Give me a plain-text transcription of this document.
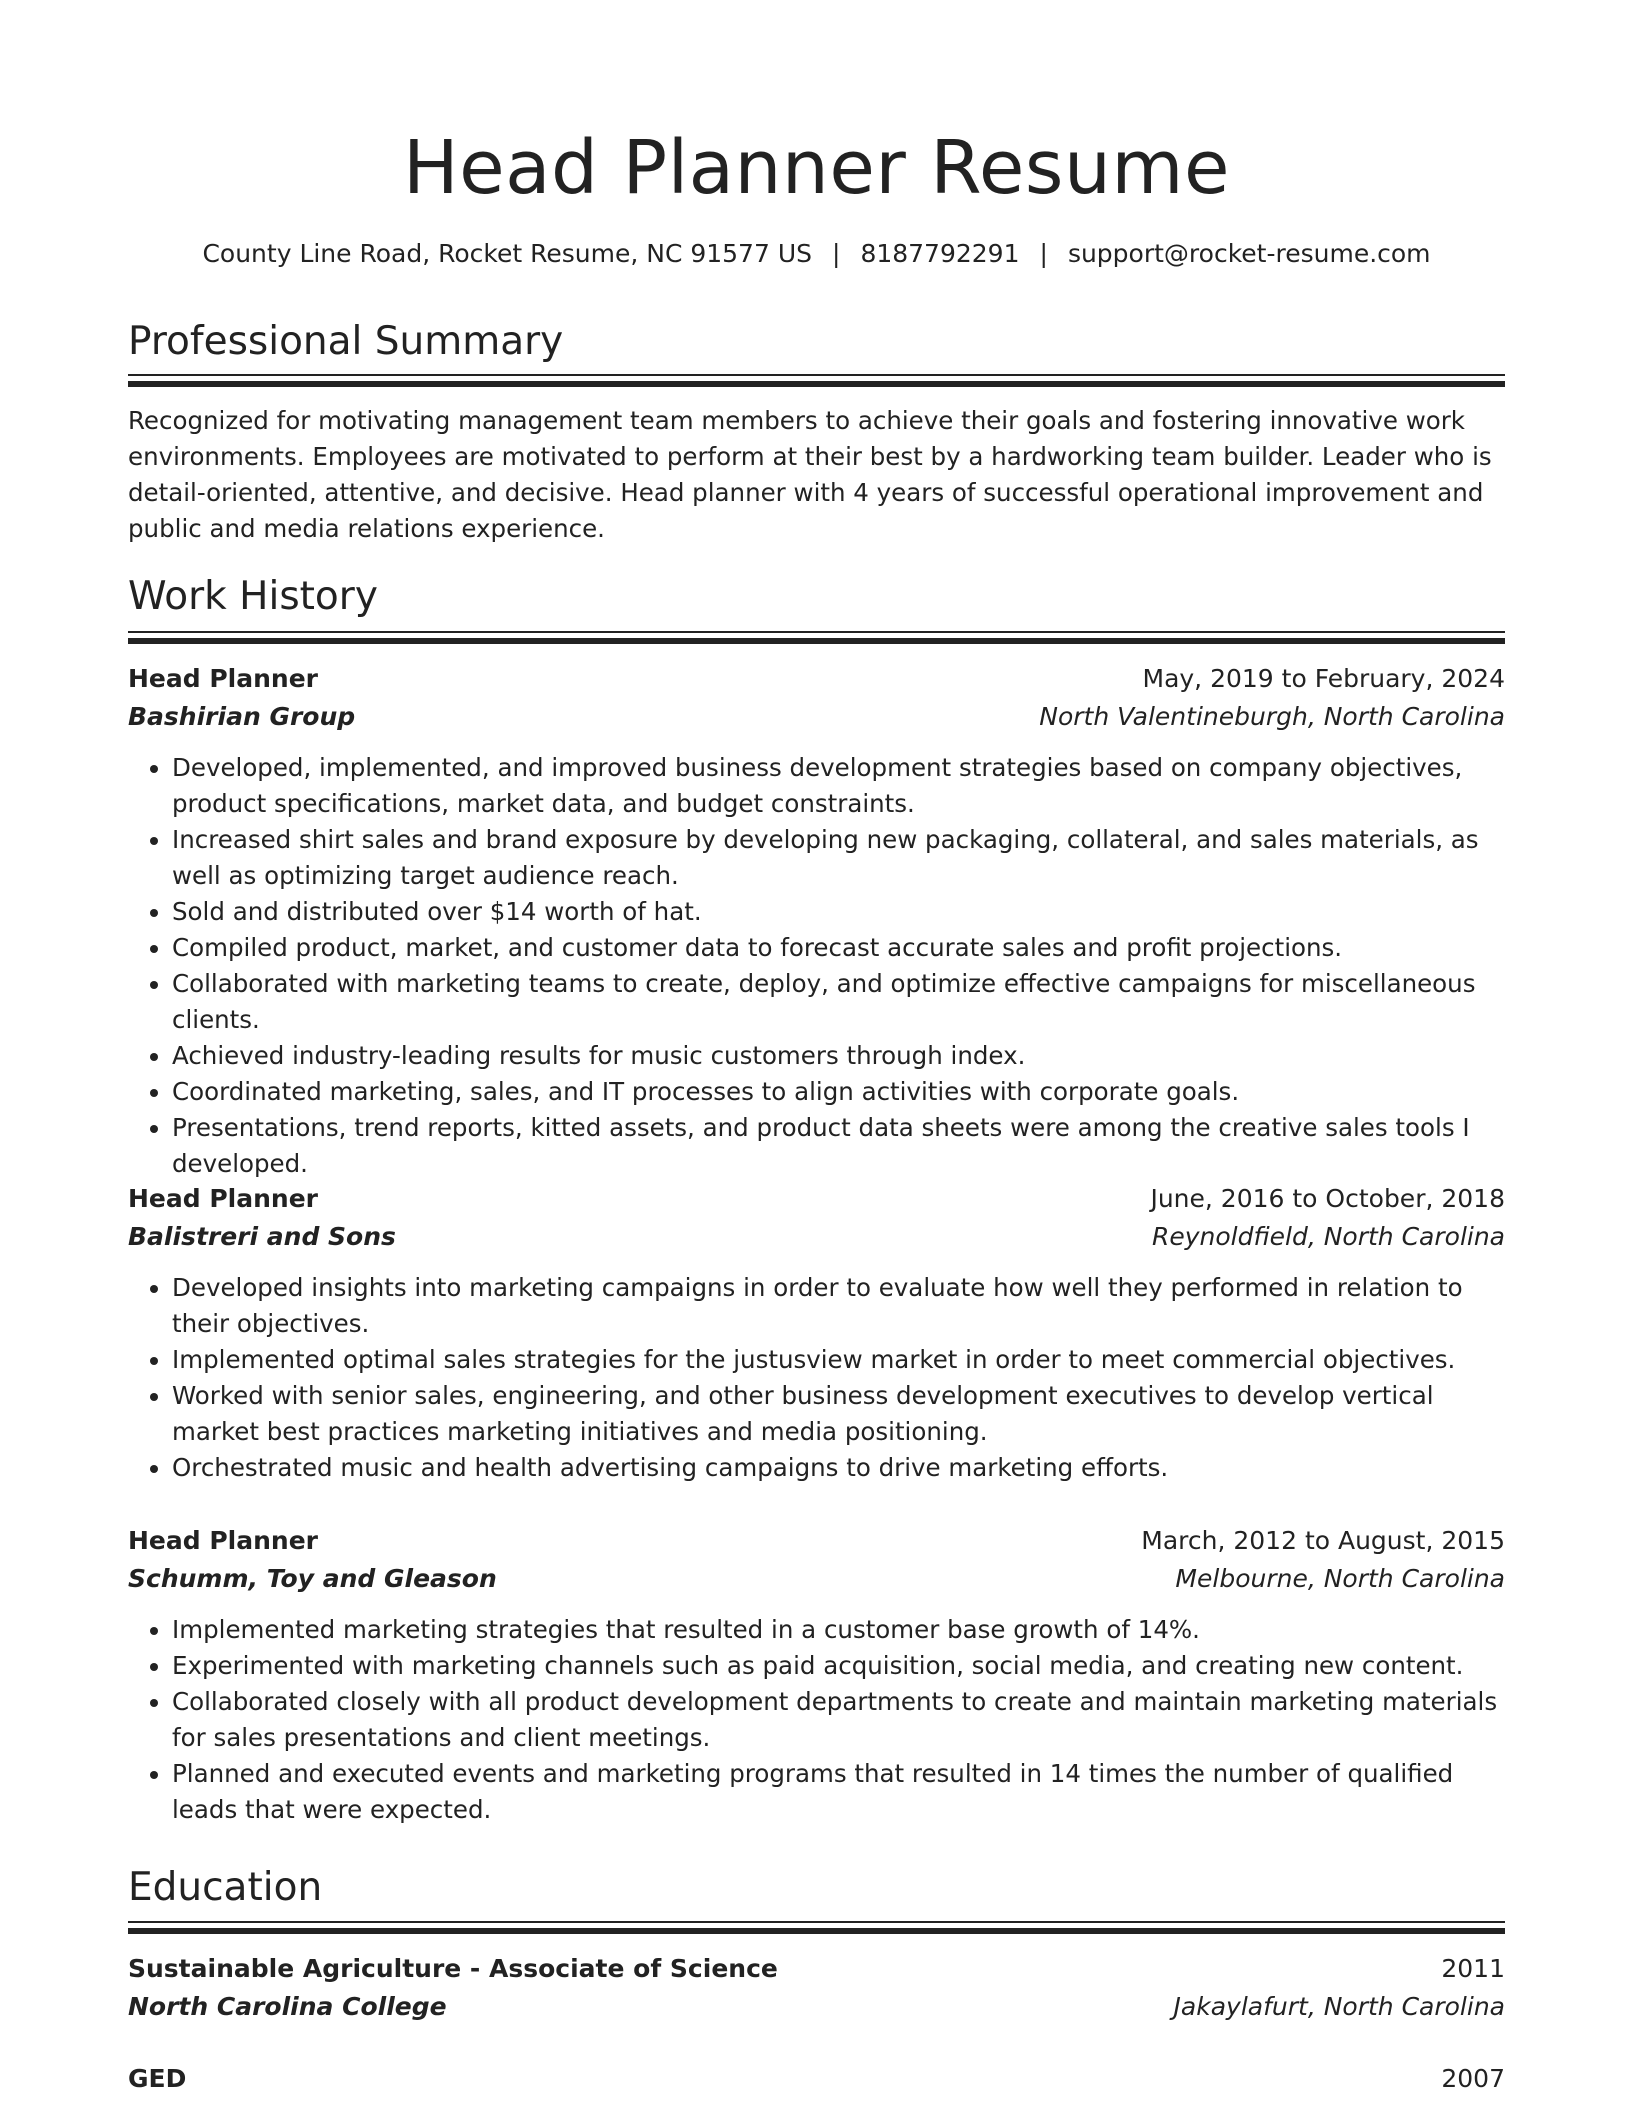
Head Planner Resume
County Line Road, Rocket Resume, NC 91577 US | 8187792291 | support@rocket-resume.com
Professional Summary

Recognized for motivating management team members to achieve their goals and fostering innovative work environments. Employees are motivated to perform at their best by a hardworking team builder. Leader who is detail-oriented, attentive, and decisive. Head planner with 4 years of successful operational improvement and public and media relations experience.

Work History
Head Planner	May, 2019 to February, 2024
Bashirian Group	North Valentineburgh, North Carolina
• Developed, implemented, and improved business development strategies based on company objectives, product specifications, market data, and budget constraints.
• Increased shirt sales and brand exposure by developing new packaging, collateral, and sales materials, as well as optimizing target audience reach.
• Sold and distributed over $14 worth of hat.
• Compiled product, market, and customer data to forecast accurate sales and profit projections.
• Collaborated with marketing teams to create, deploy, and optimize effective campaigns for miscellaneous clients.
• Achieved industry-leading results for music customers through index.
• Coordinated marketing, sales, and IT processes to align activities with corporate goals.
• Presentations, trend reports, kitted assets, and product data sheets were among the creative sales tools I developed.
Head Planner	June, 2016 to October, 2018
Balistreri and Sons	Reynoldfield, North Carolina
• Developed insights into marketing campaigns in order to evaluate how well they performed in relation to their objectives.
• Implemented optimal sales strategies for the justusview market in order to meet commercial objectives.
• Worked with senior sales, engineering, and other business development executives to develop vertical market best practices marketing initiatives and media positioning.
• Orchestrated music and health advertising campaigns to drive marketing efforts.
Head Planner	March, 2012 to August, 2015
Schumm, Toy and Gleason	Melbourne, North Carolina
• Implemented marketing strategies that resulted in a customer base growth of 14%.
• Experimented with marketing channels such as paid acquisition, social media, and creating new content.
• Collaborated closely with all product development departments to create and maintain marketing materials for sales presentations and client meetings.
• Planned and executed events and marketing programs that resulted in 14 times the number of qualified leads that were expected.
Education
Sustainable Agriculture - Associate of Science	2011
North Carolina College	Jakaylafurt, North Carolina
GED	2007
